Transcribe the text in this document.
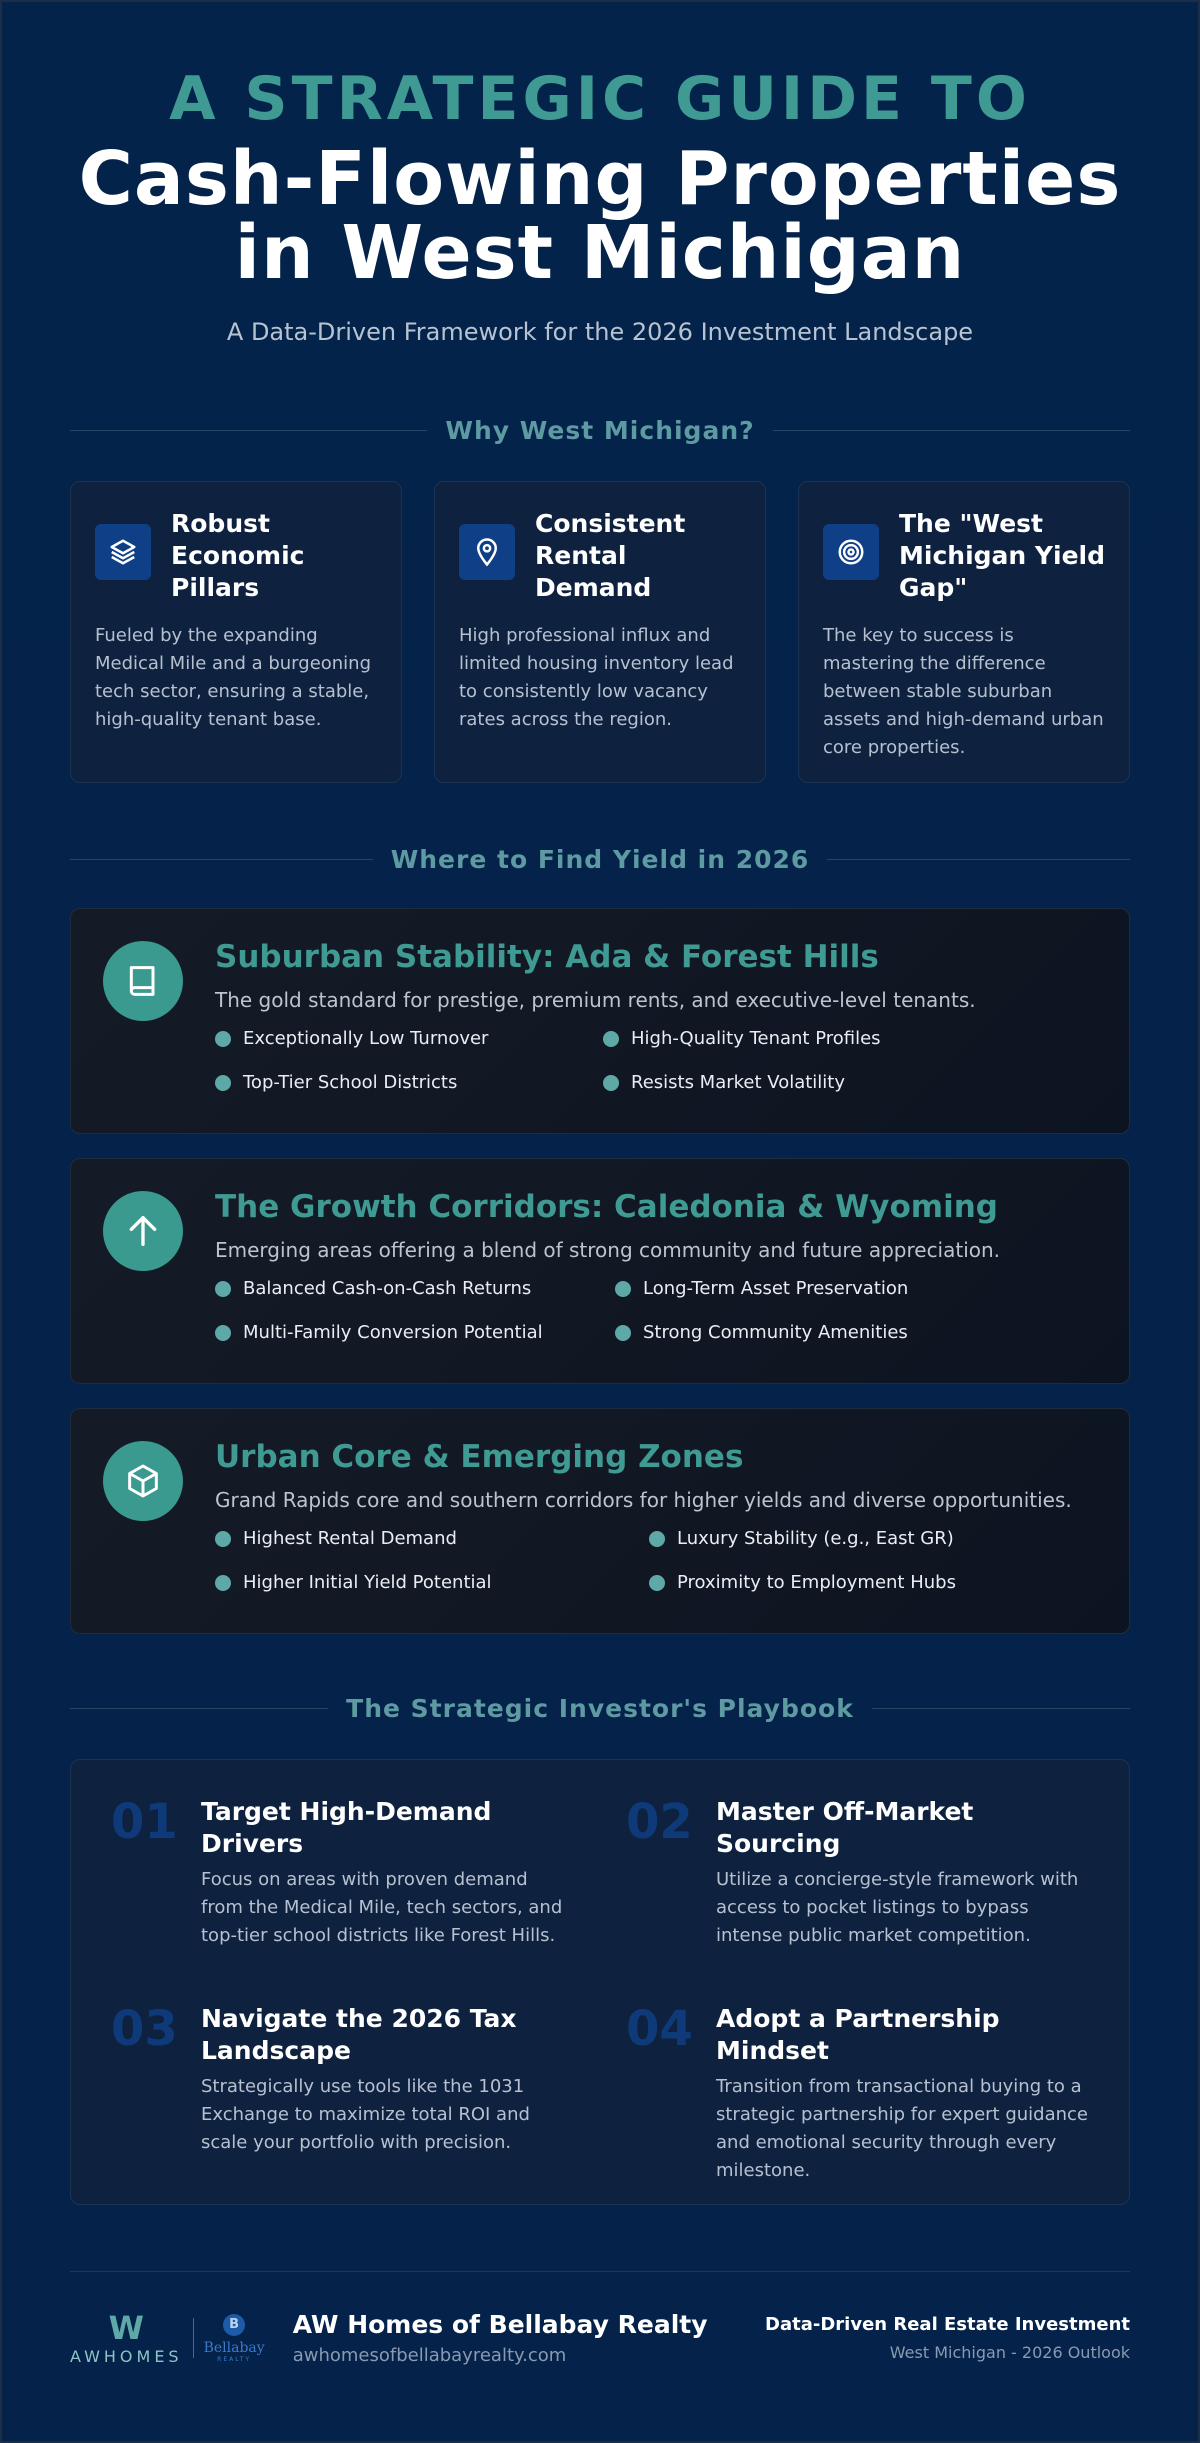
A STRATEGIC GUIDE TO
Cash-Flowing Properties
in West Michigan
A Data-Driven Framework for the 2026 Investment Landscape
Why West Michigan?
Robust Economic Pillars
Fueled by the expanding Medical Mile and a burgeoning tech sector, ensuring a stable, high-quality tenant base.
Consistent Rental Demand
High professional influx and limited housing inventory lead to consistently low vacancy rates across the region.
The "West Michigan Yield Gap"
The key to success is mastering the difference between stable suburban assets and high-demand urban core properties.
Where to Find Yield in 2026
Suburban Stability: Ada & Forest Hills
The gold standard for prestige, premium rents, and executive-level tenants.
Exceptionally Low Turnover	High-Quality Tenant Profiles
Top-Tier School Districts	Resists Market Volatility
The Growth Corridors: Caledonia & Wyoming
Emerging areas offering a blend of strong community and future appreciation.
Balanced Cash-on-Cash Returns	Long-Term Asset Preservation
Multi-Family Conversion Potential	Strong Community Amenities
Urban Core & Emerging Zones
Grand Rapids core and southern corridors for higher yields and diverse opportunities.
Highest Rental Demand	Luxury Stability (e.g., East GR)
Higher Initial Yield Potential	Proximity to Employment Hubs
The Strategic Investor's Playbook
01 Target High-Demand Drivers
Focus on areas with proven demand from the Medical Mile, tech sectors, and top-tier school districts like Forest Hills.
02 Master Off-Market Sourcing
Utilize a concierge-style framework with access to pocket listings to bypass intense public market competition.
03 Navigate the 2026 Tax Landscape
Strategically use tools like the 1031 Exchange to maximize total ROI and scale your portfolio with precision.
04 Adopt a Partnership Mindset
Transition from transactional buying to a strategic partnership for expert guidance and emotional security through every milestone.
W
AWHOMES
B
Bellabay
REALTY
AW Homes of Bellabay Realty
awhomesofbellabayrealty.com
Data-Driven Real Estate Investment
West Michigan - 2026 Outlook
